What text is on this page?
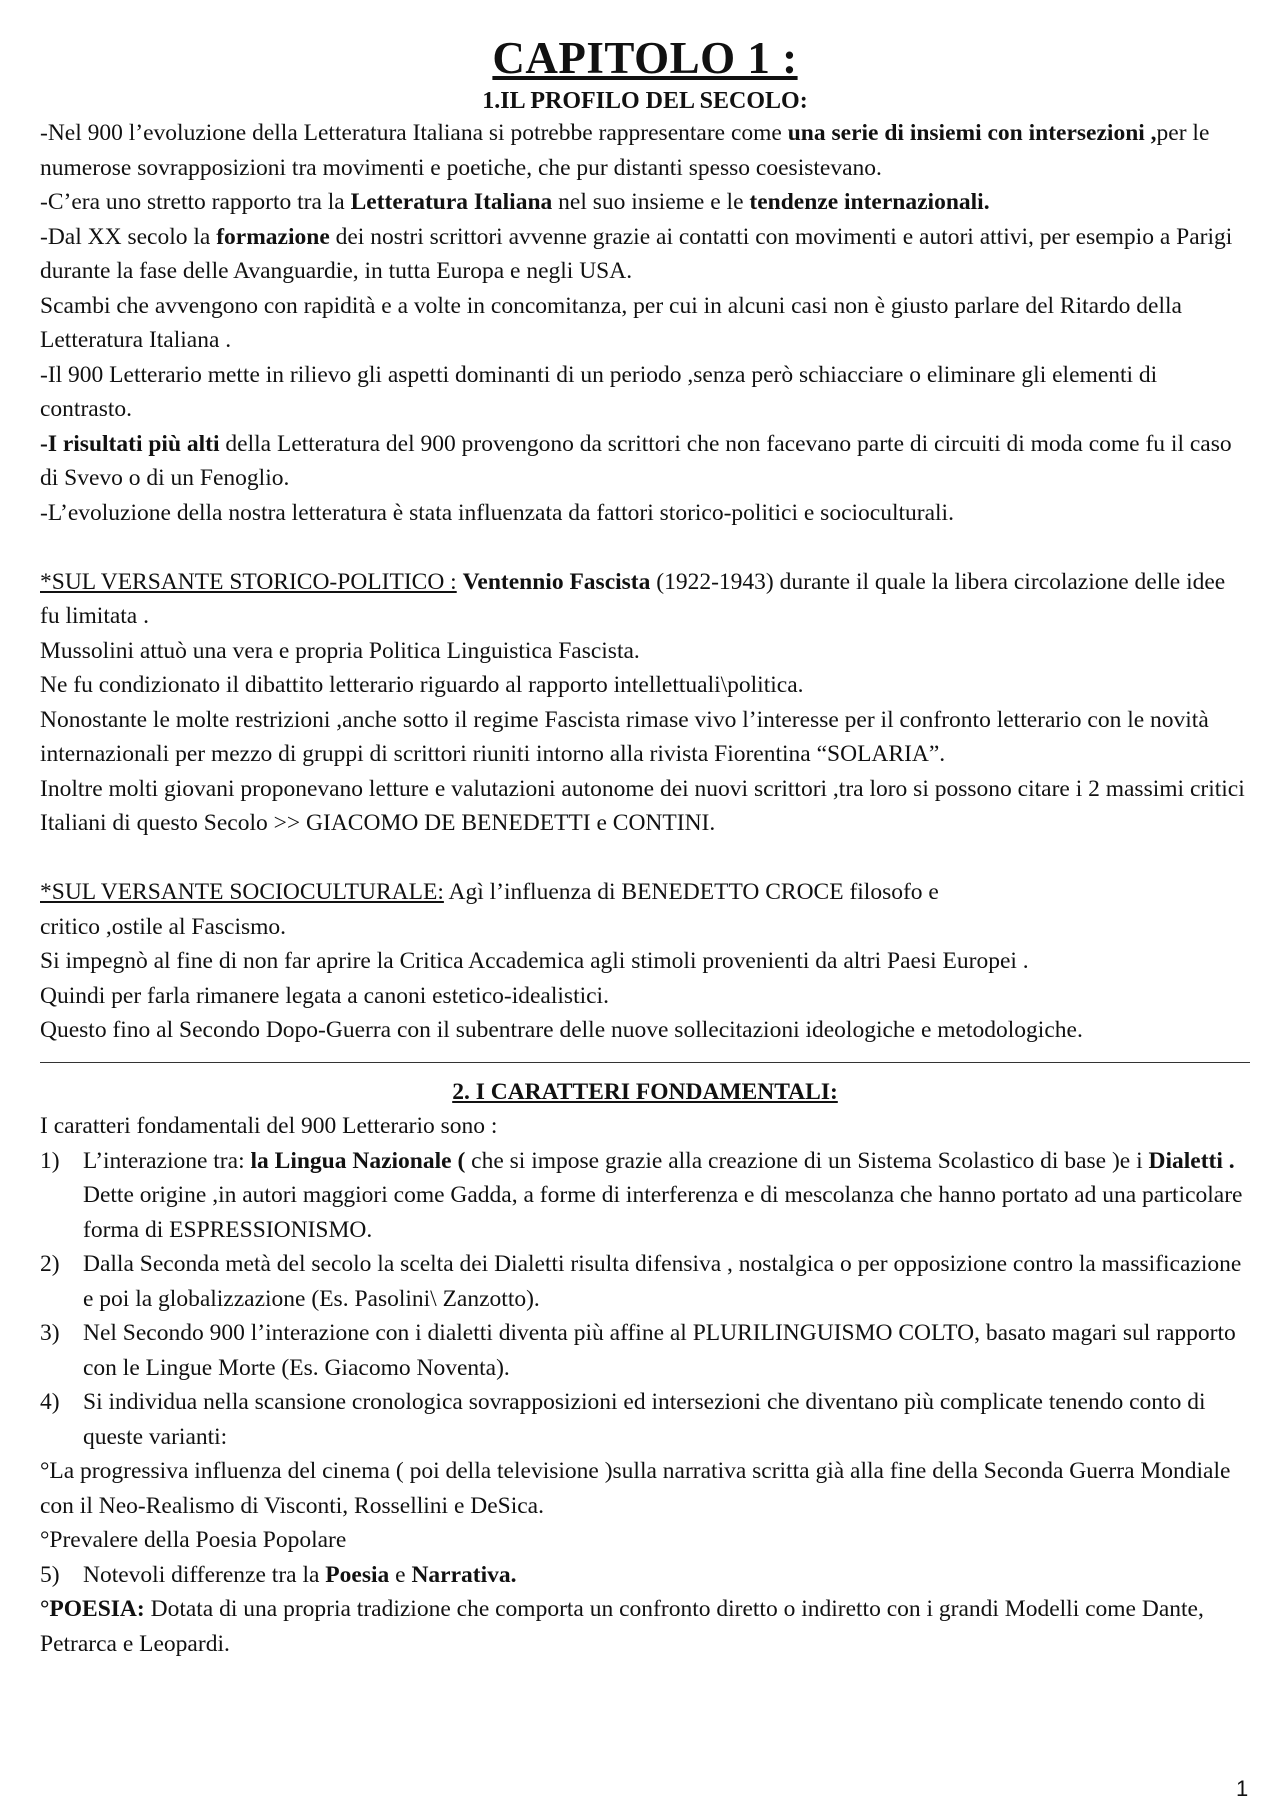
CAPITOLO 1 :

1.IL PROFILO DEL SECOLO:

-Nel 900 l’evoluzione della Letteratura Italiana si potrebbe rappresentare come una serie di insiemi con intersezioni ,per le numerose sovrapposizioni tra movimenti e poetiche, che pur distanti spesso coesistevano.

-C’era uno stretto rapporto tra la Letteratura Italiana nel suo insieme e le tendenze internazionali.

-Dal XX secolo la formazione dei nostri scrittori avvenne grazie ai contatti con movimenti e autori attivi, per esempio a Parigi durante la fase delle Avanguardie, in tutta Europa e negli USA.

Scambi che avvengono con rapidità e a volte in concomitanza, per cui in alcuni casi non è giusto parlare del Ritardo della Letteratura Italiana .

-Il 900 Letterario mette in rilievo gli aspetti dominanti di un periodo ,senza però schiacciare o eliminare gli elementi di contrasto.

-I risultati più alti della Letteratura del 900 provengono da scrittori che non facevano parte di circuiti di moda come fu il caso di Svevo o di un Fenoglio.

-L’evoluzione della nostra letteratura è stata influenzata da fattori storico-politici e socioculturali.

*SUL VERSANTE STORICO-POLITICO : Ventennio Fascista (1922-1943) durante il quale la libera circolazione delle idee fu limitata .

Mussolini attuò una vera e propria Politica Linguistica Fascista.

Ne fu condizionato il dibattito letterario riguardo al rapporto intellettuali\politica.

Nonostante le molte restrizioni ,anche sotto il regime Fascista rimase vivo l’interesse per il confronto letterario con le novità internazionali per mezzo di gruppi di scrittori riuniti intorno alla rivista Fiorentina “SOLARIA”.

Inoltre molti giovani proponevano letture e valutazioni autonome dei nuovi scrittori ,tra loro si possono citare i 2 massimi critici Italiani di questo Secolo >> GIACOMO DE BENEDETTI e CONTINI.

*SUL VERSANTE SOCIOCULTURALE: Agì l’influenza di BENEDETTO CROCE filosofo e

critico ,ostile al Fascismo.

Si impegnò al fine di non far aprire la Critica Accademica agli stimoli provenienti da altri Paesi Europei .

Quindi per farla rimanere legata a canoni estetico-idealistici.

Questo fino al Secondo Dopo-Guerra con il subentrare delle nuove sollecitazioni ideologiche e metodologiche.

2. I CARATTERI FONDAMENTALI:

I caratteri fondamentali del 900 Letterario sono :

1) L’interazione tra: la Lingua Nazionale ( che si impose grazie alla creazione di un Sistema Scolastico di base )e i Dialetti . Dette origine ,in autori maggiori come Gadda, a forme di interferenza e di mescolanza che hanno portato ad una particolare forma di ESPRESSIONISMO.
2) Dalla Seconda metà del secolo la scelta dei Dialetti risulta difensiva , nostalgica o per opposizione contro la massificazione e poi la globalizzazione (Es. Pasolini\ Zanzotto).
3) Nel Secondo 900 l’interazione con i dialetti diventa più affine al PLURILINGUISMO COLTO, basato magari sul rapporto con le Lingue Morte (Es. Giacomo Noventa).
4) Si individua nella scansione cronologica sovrapposizioni ed intersezioni che diventano più complicate tenendo conto di queste varianti:

°La progressiva influenza del cinema ( poi della televisione )sulla narrativa scritta già alla fine della Seconda Guerra Mondiale con il Neo-Realismo di Visconti, Rossellini e DeSica.

°Prevalere della Poesia Popolare

5) Notevoli differenze tra la Poesia e Narrativa.

°POESIA: Dotata di una propria tradizione che comporta un confronto diretto o indiretto con i grandi Modelli come Dante, Petrarca e Leopardi.

1
